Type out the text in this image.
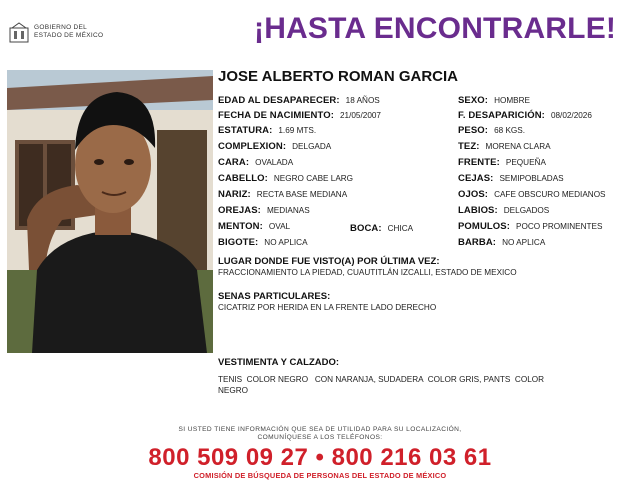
GOBIERNO DEL
ESTADO DE MÉXICO	¡HASTA ENCONTRARLE!
JOSE ALBERTO ROMAN GARCIA
EDAD AL DESAPARECER: 18 AÑOS	SEXO: HOMBRE
FECHA DE NACIMIENTO: 21/05/2007	F. DESAPARICIÓN: 08/02/2026
ESTATURA: 1.69 MTS.	PESO: 68 KGS.
COMPLEXION: DELGADA	TEZ: MORENA CLARA
CARA: OVALADA	FRENTE: PEQUEÑA
CABELLO: NEGRO CABE LARG	CEJAS: SEMIPOBLADAS
NARIZ: RECTA BASE MEDIANA	OJOS: CAFE OBSCURO MEDIANOS
OREJAS: MEDIANAS	LABIOS: DELGADOS
MENTON: OVAL	BOCA: CHICA	POMULOS: POCO PROMINENTES
BIGOTE: NO APLICA	BARBA: NO APLICA
LUGAR DONDE FUE VISTO(A) POR ÚLTIMA VEZ:
FRACCIONAMIENTO LA PIEDAD, CUAUTITLÁN IZCALLI, ESTADO DE MEXICO
SENAS PARTICULARES:
CICATRIZ POR HERIDA EN LA FRENTE LADO DERECHO
VESTIMENTA Y CALZADO:
TENIS  COLOR NEGRO   CON NARANJA, SUDADERA  COLOR GRIS, PANTS  COLOR
NEGRO
SI USTED TIENE INFORMACIÓN QUE SEA DE UTILIDAD PARA SU LOCALIZACIÓN,
COMUNÍQUESE A LOS TELÉFONOS:
800 509 09 27 • 800 216 03 61
COMISIÓN DE BÚSQUEDA DE PERSONAS DEL ESTADO DE MÉXICO
